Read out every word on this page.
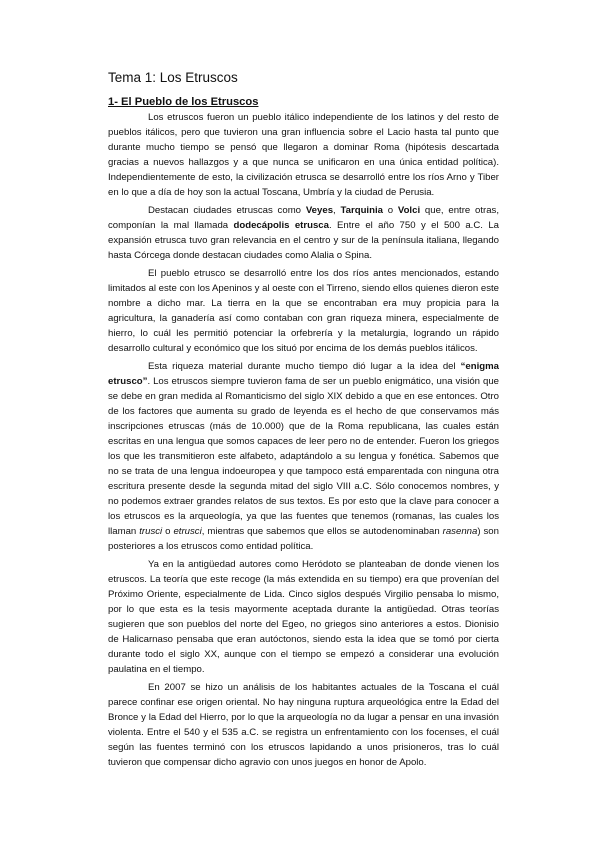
Tema 1: Los Etruscos
1- El Pueblo de los Etruscos

Los etruscos fueron un pueblo itálico independiente de los latinos y del resto de pueblos itálicos, pero que tuvieron una gran influencia sobre el Lacio hasta tal punto que durante mucho tiempo se pensó que llegaron a dominar Roma (hipótesis descartada gracias a nuevos hallazgos y a que nunca se unificaron en una única entidad política). Independientemente de esto, la civilización etrusca se desarrolló entre los ríos Arno y Tiber en lo que a día de hoy son la actual Toscana, Umbría y la ciudad de Perusia.

Destacan ciudades etruscas como Veyes, Tarquinia o Volci que, entre otras, componían la mal llamada dodecápolis etrusca. Entre el año 750 y el 500 a.C. La expansión etrusca tuvo gran relevancia en el centro y sur de la península italiana, llegando hasta Córcega donde destacan ciudades como Alalia o Spina.

El pueblo etrusco se desarrolló entre los dos ríos antes mencionados, estando limitados al este con los Apeninos y al oeste con el Tirreno, siendo ellos quienes dieron este nombre a dicho mar. La tierra en la que se encontraban era muy propicia para la agricultura, la ganadería así como contaban con gran riqueza minera, especialmente de hierro, lo cuál les permitió potenciar la orfebrería y la metalurgia, logrando un rápido desarrollo cultural y económico que los situó por encima de los demás pueblos itálicos.

Esta riqueza material durante mucho tiempo dió lugar a la idea del “enigma etrusco”. Los etruscos siempre tuvieron fama de ser un pueblo enigmático, una visión que se debe en gran medida al Romanticismo del siglo XIX debido a que en ese entonces. Otro de los factores que aumenta su grado de leyenda es el hecho de que conservamos más inscripciones etruscas (más de 10.000) que de la Roma republicana, las cuales están escritas en una lengua que somos capaces de leer pero no de entender. Fueron los griegos los que les transmitieron este alfabeto, adaptándolo a su lengua y fonética. Sabemos que no se trata de una lengua indoeuropea y que tampoco está emparentada con ninguna otra escritura presente desde la segunda mitad del siglo VIII a.C. Sólo conocemos nombres, y no podemos extraer grandes relatos de sus textos. Es por esto que la clave para conocer a los etruscos es la arqueología, ya que las fuentes que tenemos (romanas, las cuales los llaman trusci o etrusci, mientras que sabemos que ellos se autodenominaban rasenna) son posteriores a los etruscos como entidad política.

Ya en la antigüedad autores como Heródoto se planteaban de donde vienen los etruscos. La teoría que este recoge (la más extendida en su tiempo) era que provenían del Próximo Oriente, especialmente de Lida. Cinco siglos después Virgilio pensaba lo mismo, por lo que esta es la tesis mayormente aceptada durante la antigüedad. Otras teorías sugieren que son pueblos del norte del Egeo, no griegos sino anteriores a estos. Dionisio de Halicarnaso pensaba que eran autóctonos, siendo esta la idea que se tomó por cierta durante todo el siglo XX, aunque con el tiempo se empezó a considerar una evolución paulatina en el tiempo.

En 2007 se hizo un análisis de los habitantes actuales de la Toscana el cuál parece confinar ese origen oriental. No hay ninguna ruptura arqueológica entre la Edad del Bronce y la Edad del Hierro, por lo que la arqueología no da lugar a pensar en una invasión violenta. Entre el 540 y el 535 a.C. se registra un enfrentamiento con los focenses, el cuál según las fuentes terminó con los etruscos lapidando a unos prisioneros, tras lo cuál tuvieron que compensar dicho agravio con unos juegos en honor de Apolo.
